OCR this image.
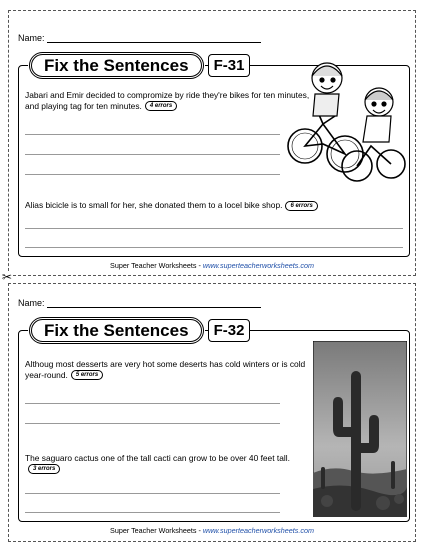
Name:
Jabari and Emir decided to compromize by ride they're bikes for ten minutes, and playing tag for ten minutes. 4 errors
Alias bicicle is to small for her, she donated them to a locel bike shop. 6 errors
Fix the Sentences	F-31
Super Teacher Worksheets - www.superteacherworksheets.com
✂
Name:
Althoug most desserts are very hot some deserts has cold winters or is cold year-round. 5 errors
The saguaro cactus one of the tall cacti can grow to be over 40 feet tall.3 errors
Fix the Sentences	F-32
Super Teacher Worksheets - www.superteacherworksheets.com
